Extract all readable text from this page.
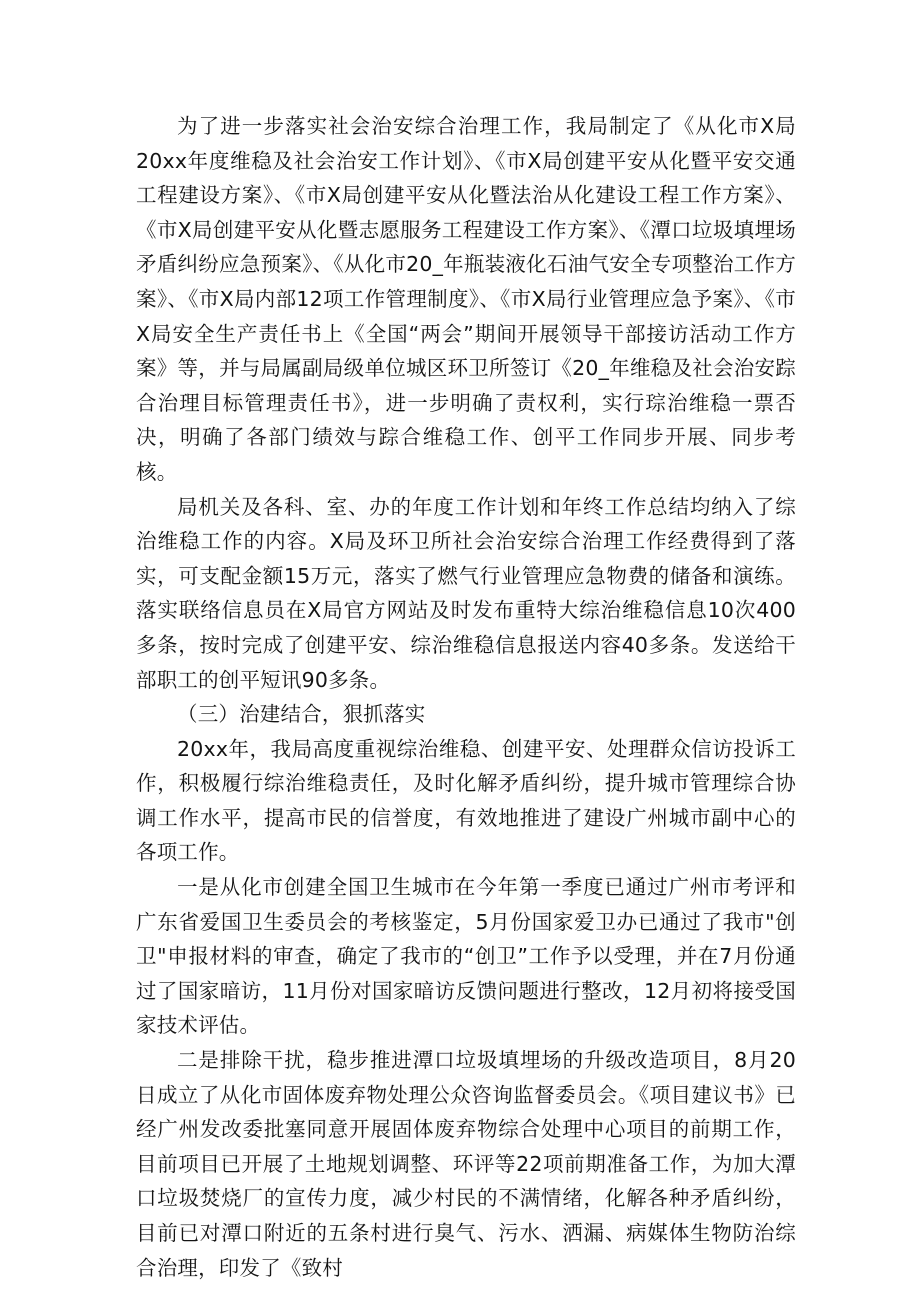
为了进一步落实社会治安综合治理工作，我局制定了《从化市X局20xx年度维稳及社会治安工作计划》、《市X局创建平安从化暨平安交通工程建设方案》、《市X局创建平安从化暨法治从化建设工程工作方案》、《市X局创建平安从化暨志愿服务工程建设工作方案》、《潭口垃圾填埋场矛盾纠纷应急预案》、《从化市20_年瓶装液化石油气安全专项整治工作方案》、《市X局内部12项工作管理制度》、《市X局行业管理应急予案》、《市X局安全生产责任书上《全国“两会”期间开展领导干部接访活动工作方案》等，并与局属副局级单位城区环卫所签订《20_年维稳及社会治安踪合治理目标管理责任书》，进一步明确了责权利，实行琮治维稳一票否决，明确了各部门绩效与踪合维稳工作、创平工作同步开展、同步考核。

局机关及各科、室、办的年度工作计划和年终工作总结均纳入了综治维稳工作的内容。X局及环卫所社会治安综合治理工作经费得到了落实，可支配金额15万元，落实了燃气行业管理应急物费的储备和演练。落实联络信息员在X局官方网站及时发布重特大综治维稳信息10次400多条，按时完成了创建平安、综治维稳信息报送内容40多条。发送给干部职工的创平短讯90多条。

（三）治建结合，狠抓落实

20xx年，我局高度重视综治维稳、创建平安、处理群众信访投诉工作，积极履行综治维稳责任，及时化解矛盾纠纷，提升城市管理综合协调工作水平，提高市民的信誉度，有效地推进了建设广州城市副中心的各项工作。

一是从化市创建全国卫生城市在今年第一季度已通过广州市考评和广东省爱国卫生委员会的考核鉴定，5月份国家爱卫办已通过了我市"创卫"申报材料的审查，确定了我市的“创卫”工作予以受理，并在7月份通过了国家暗访，11月份对国家暗访反馈问题进行整改，12月初将接受国家技术评估。

二是排除干扰，稳步推进潭口垃圾填埋场的升级改造项目，8月20日成立了从化市固体废弃物处理公众咨询监督委员会。《项目建议书》已经广州发改委批塞同意开展固体废弃物综合处理中心项目的前期工作，目前项目已开展了土地规划调整、环评等22项前期准备工作，为加大潭口垃圾焚烧厂的宣传力度，减少村民的不满情绪，化解各种矛盾纠纷，目前已对潭口附近的五条村进行臭气、污水、洒漏、病媒体生物防治综合治理，印发了《致村
